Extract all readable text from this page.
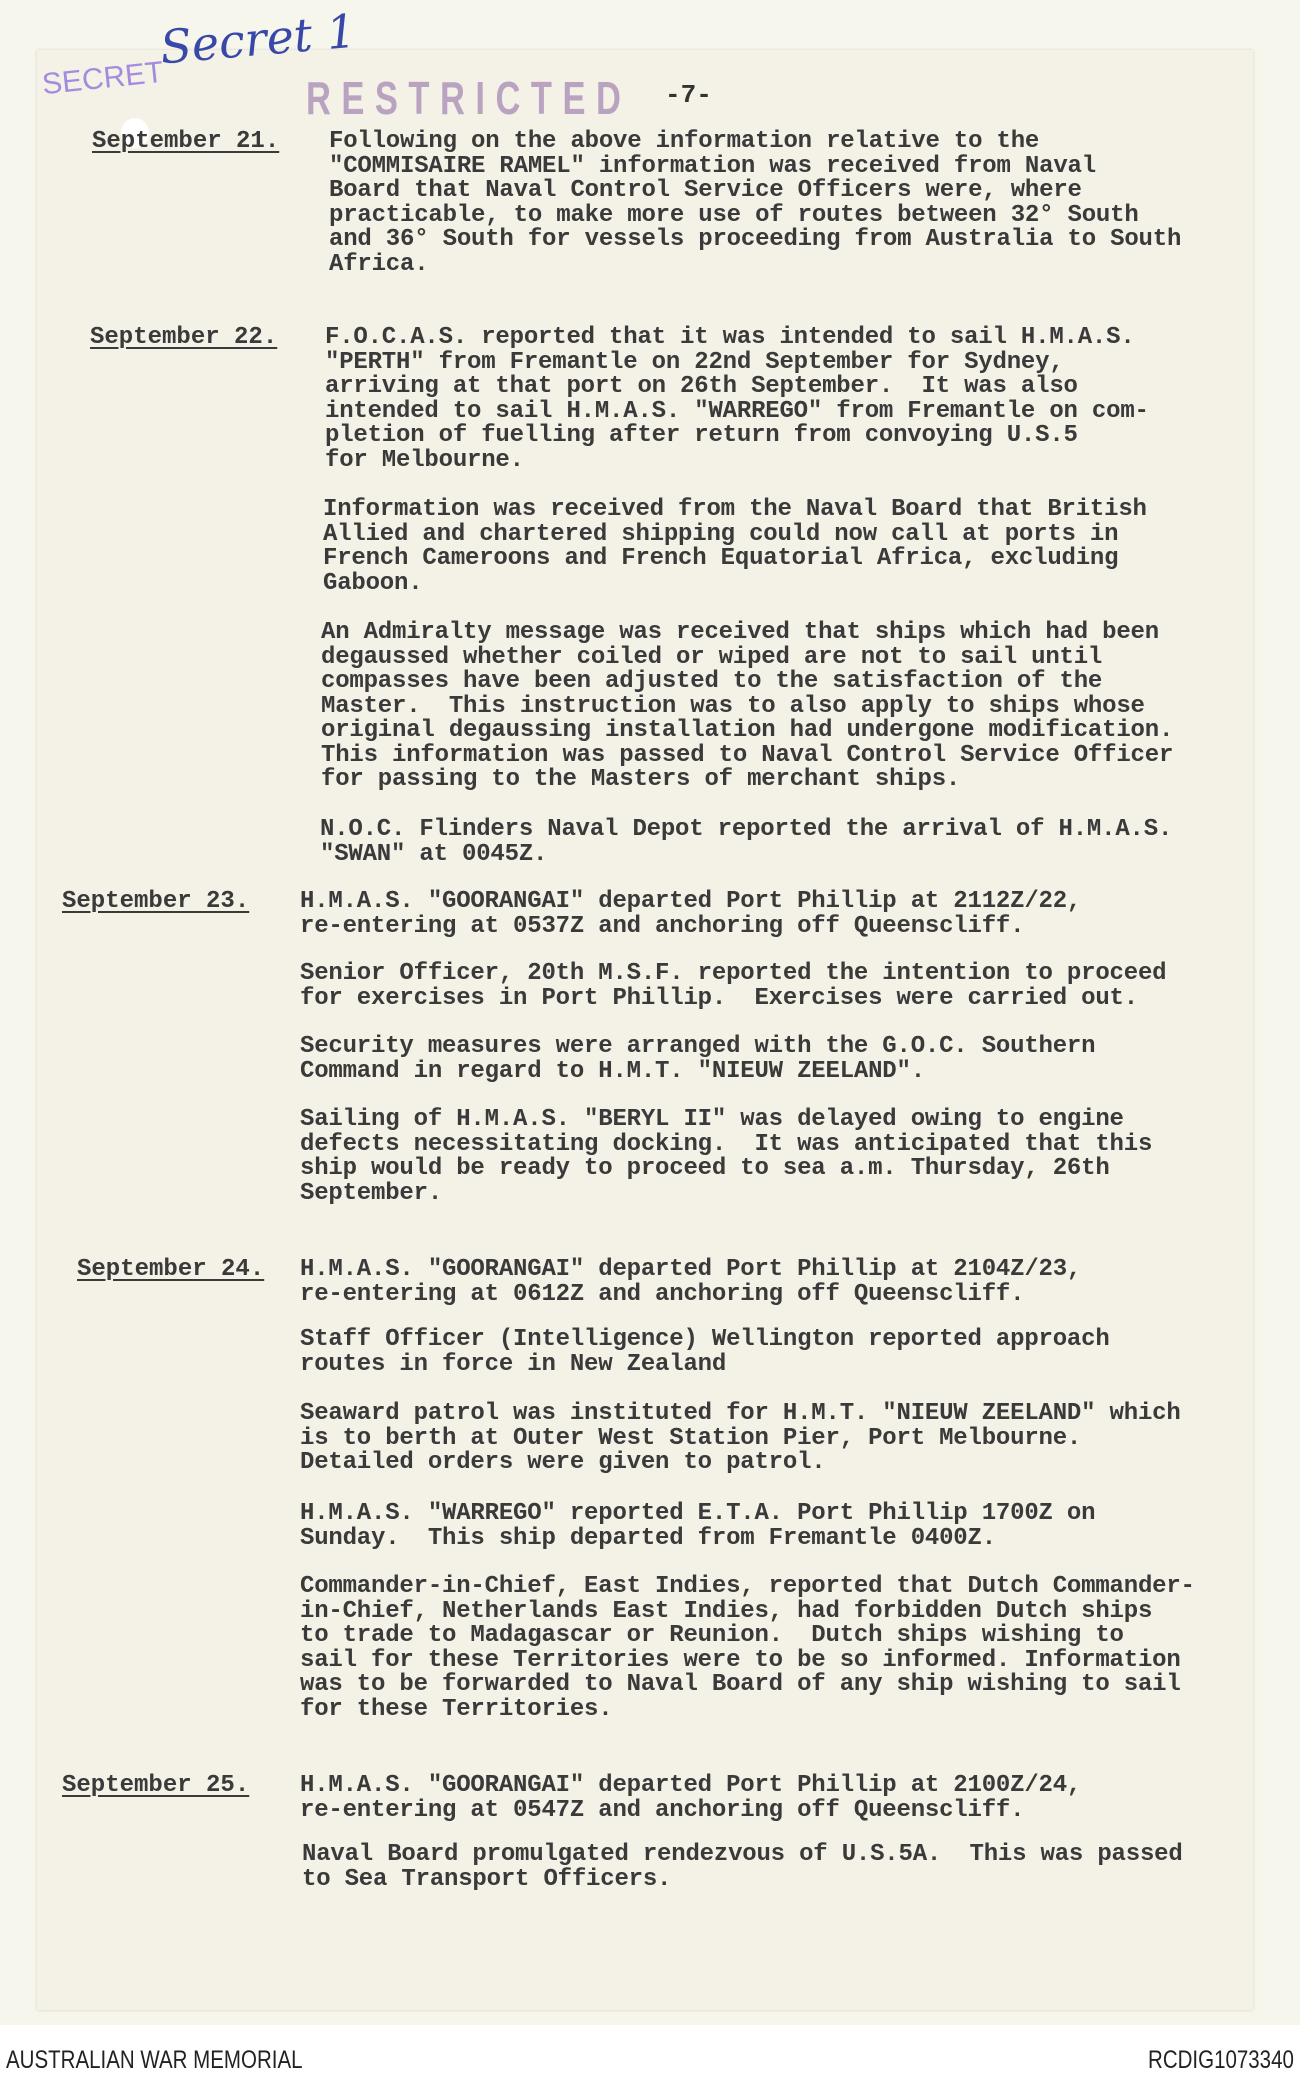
SECRET
Secret 1
RESTRICTED -7-

September 21. Following on the above information relative to the
"COMMISAIRE RAMEL" information was received from Naval
Board that Naval Control Service Officers were, where
practicable, to make more use of routes between 32° South
and 36° South for vessels proceeding from Australia to South
Africa.

September 22. F.O.C.A.S. reported that it was intended to sail H.M.A.S.
"PERTH" from Fremantle on 22nd September for Sydney,
arriving at that port on 26th September.  It was also
intended to sail H.M.A.S. "WARREGO" from Fremantle on com-
pletion of fuelling after return from convoying U.S.5
for Melbourne.

Information was received from the Naval Board that British
Allied and chartered shipping could now call at ports in
French Cameroons and French Equatorial Africa, excluding
Gaboon.

An Admiralty message was received that ships which had been
degaussed whether coiled or wiped are not to sail until
compasses have been adjusted to the satisfaction of the
Master.  This instruction was to also apply to ships whose
original degaussing installation had undergone modification.
This information was passed to Naval Control Service Officer
for passing to the Masters of merchant ships.

N.O.C. Flinders Naval Depot reported the arrival of H.M.A.S.
"SWAN" at 0045Z.

September 23. H.M.A.S. "GOORANGAI" departed Port Phillip at 2112Z/22,
re-entering at 0537Z and anchoring off Queenscliff.

Senior Officer, 20th M.S.F. reported the intention to proceed
for exercises in Port Phillip.  Exercises were carried out.

Security measures were arranged with the G.O.C. Southern
Command in regard to H.M.T. "NIEUW ZEELAND".

Sailing of H.M.A.S. "BERYL II" was delayed owing to engine
defects necessitating docking.  It was anticipated that this
ship would be ready to proceed to sea a.m. Thursday, 26th
September.

September 24. H.M.A.S. "GOORANGAI" departed Port Phillip at 2104Z/23,
re-entering at 0612Z and anchoring off Queenscliff.

Staff Officer (Intelligence) Wellington reported approach
routes in force in New Zealand

Seaward patrol was instituted for H.M.T. "NIEUW ZEELAND" which
is to berth at Outer West Station Pier, Port Melbourne.
Detailed orders were given to patrol.

H.M.A.S. "WARREGO" reported E.T.A. Port Phillip 1700Z on
Sunday.  This ship departed from Fremantle 0400Z.

Commander-in-Chief, East Indies, reported that Dutch Commander-
in-Chief, Netherlands East Indies, had forbidden Dutch ships
to trade to Madagascar or Reunion.  Dutch ships wishing to
sail for these Territories were to be so informed. Information
was to be forwarded to Naval Board of any ship wishing to sail
for these Territories.

September 25. H.M.A.S. "GOORANGAI" departed Port Phillip at 2100Z/24,
re-entering at 0547Z and anchoring off Queenscliff.

Naval Board promulgated rendezvous of U.S.5A.  This was passed
to Sea Transport Officers.

AUSTRALIAN WAR MEMORIAL	RCDIG1073340
